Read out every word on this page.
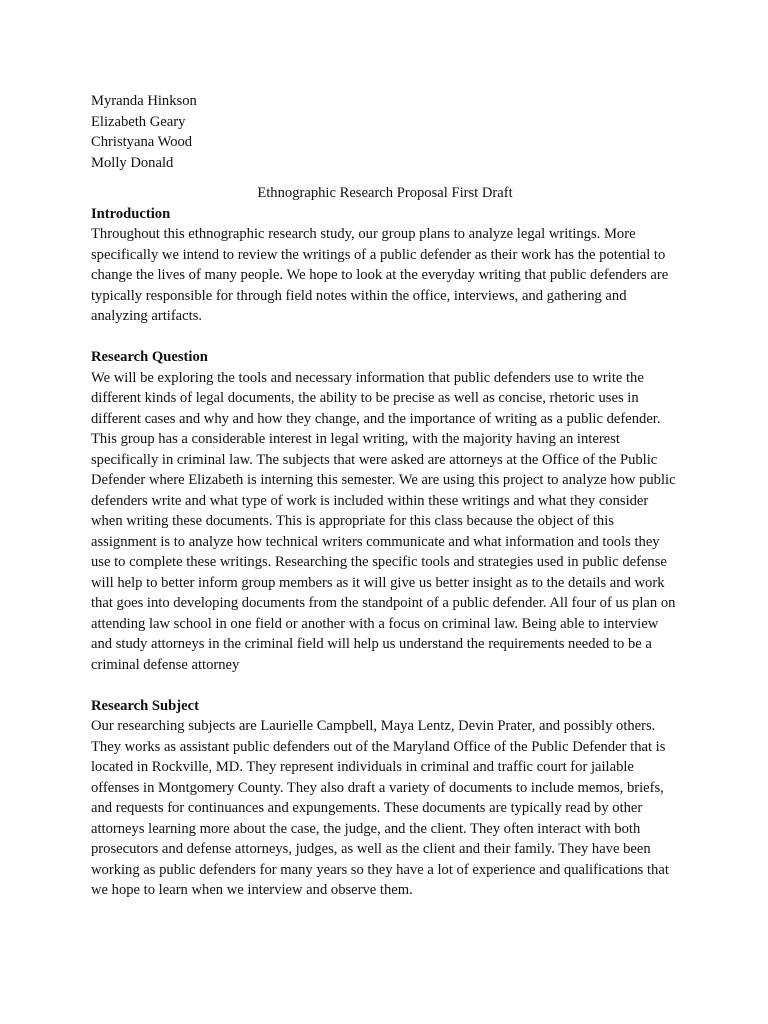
Myranda Hinkson
Elizabeth Geary
Christyana Wood
Molly Donald
Ethnographic Research Proposal First Draft
Introduction

Throughout this ethnographic research study, our group plans to analyze legal writings. More specifically we intend to review the writings of a public defender as their work has the potential to change the lives of many people. We hope to look at the everyday writing that public defenders are typically responsible for through field notes within the office, interviews, and gathering and analyzing artifacts.

Research Question

We will be exploring the tools and necessary information that public defenders use to write the different kinds of legal documents, the ability to be precise as well as concise, rhetoric uses in different cases and why and how they change, and the importance of writing as a public defender. This group has a considerable interest in legal writing, with the majority having an interest specifically in criminal law. The subjects that were asked are attorneys at the Office of the Public Defender where Elizabeth is interning this semester. We are using this project to analyze how public defenders write and what type of work is included within these writings and what they consider when writing these documents. This is appropriate for this class because the object of this assignment is to analyze how technical writers communicate and what information and tools they use to complete these writings. Researching the specific tools and strategies used in public defense will help to better inform group members as it will give us better insight as to the details and work that goes into developing documents from the standpoint of a public defender. All four of us plan on attending law school in one field or another with a focus on criminal law. Being able to interview and study attorneys in the criminal field will help us understand the requirements needed to be a criminal defense attorney

Research Subject

Our researching subjects are Laurielle Campbell, Maya Lentz, Devin Prater, and possibly others. They works as assistant public defenders out of the Maryland Office of the Public Defender that is located in Rockville, MD. They represent individuals in criminal and traffic court for jailable offenses in Montgomery County. They also draft a variety of documents to include memos, briefs, and requests for continuances and expungements. These documents are typically read by other attorneys learning more about the case, the judge, and the client. They often interact with both prosecutors and defense attorneys, judges, as well as the client and their family. They have been working as public defenders for many years so they have a lot of experience and qualifications that we hope to learn when we interview and observe them.
